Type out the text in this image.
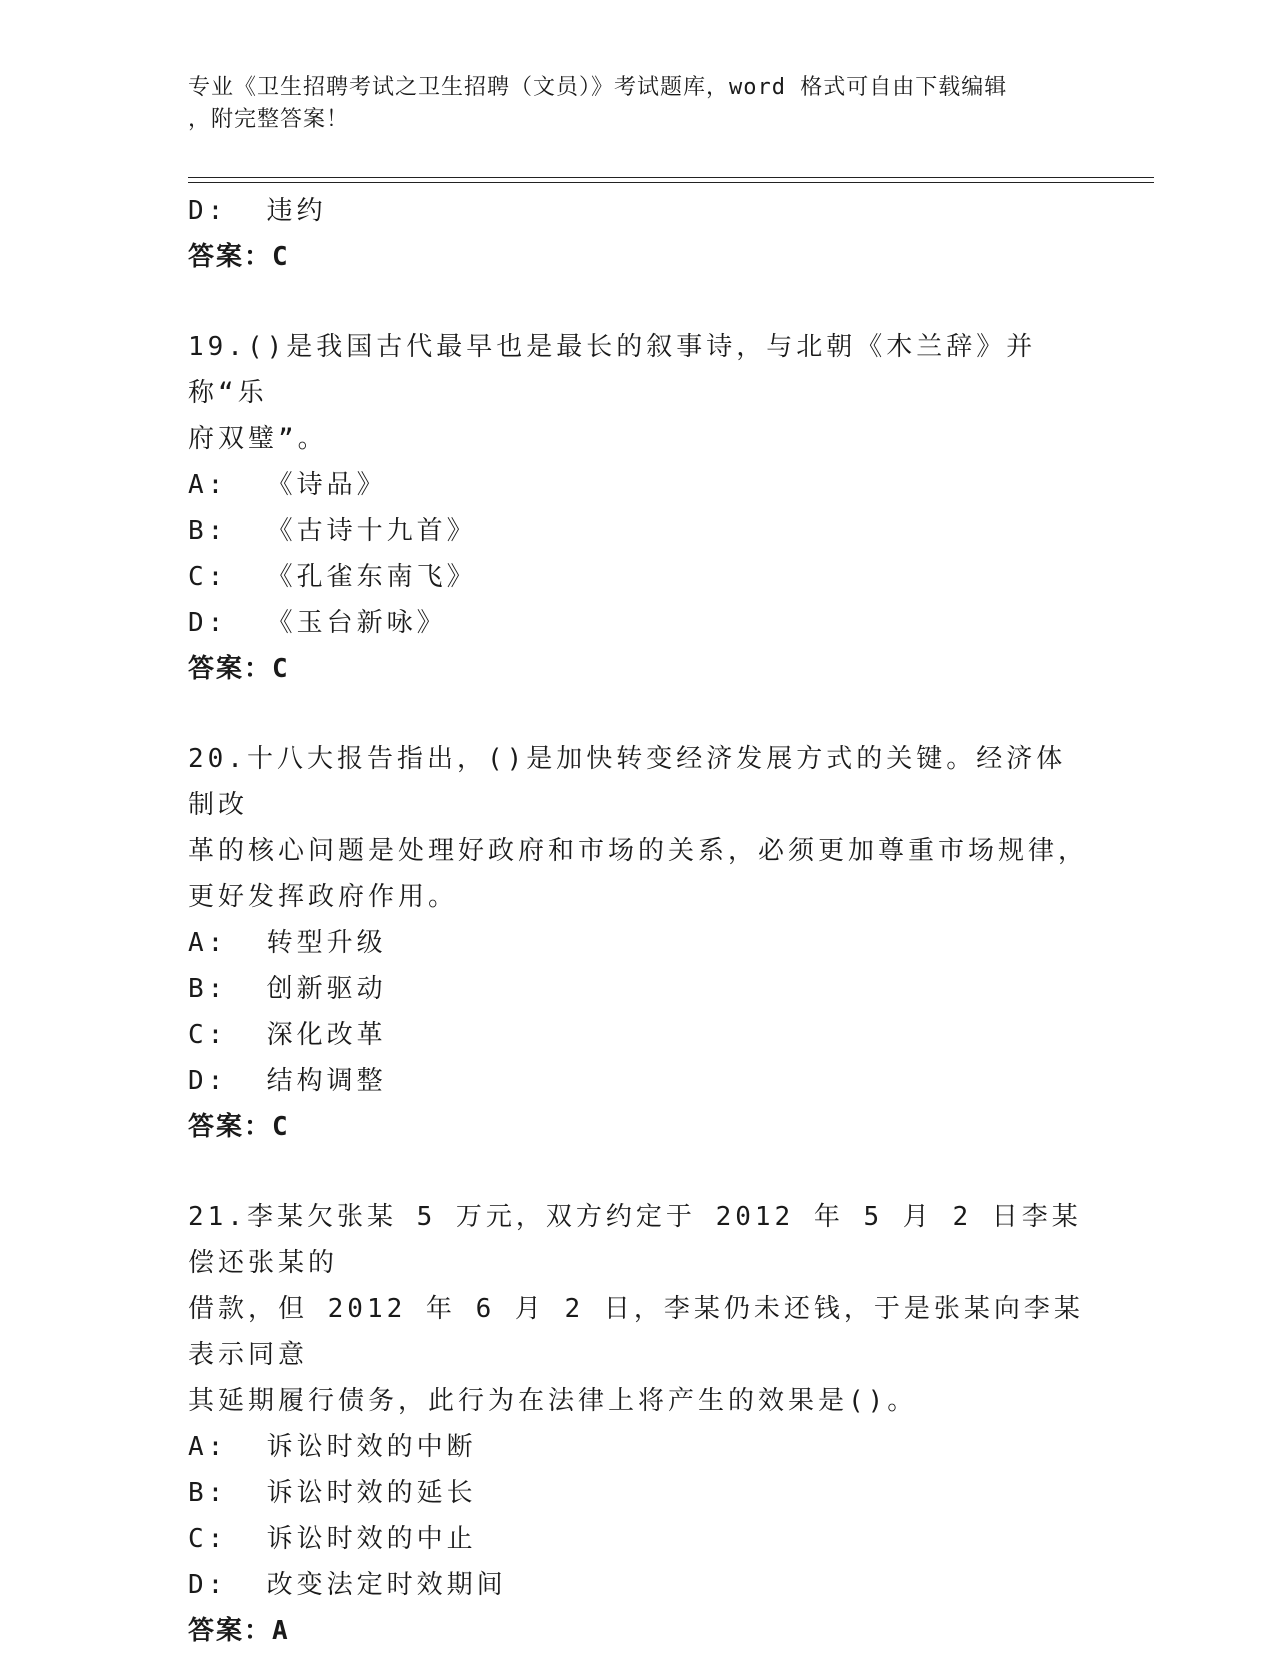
专业《卫生招聘考试之卫生招聘（文员）》考试题库，word 格式可自由下载编辑
，附完整答案！
D:  违约
答案：C
19.()是我国古代最早也是最长的叙事诗，与北朝《木兰辞》并称“乐
府双璧”。
A:  《诗品》
B:  《古诗十九首》
C:  《孔雀东南飞》
D:  《玉台新咏》
答案：C
20.十八大报告指出，()是加快转变经济发展方式的关键。经济体制改
革的核心问题是处理好政府和市场的关系，必须更加尊重市场规律，
更好发挥政府作用。
A:  转型升级
B:  创新驱动
C:  深化改革
D:  结构调整
答案：C
21.李某欠张某 5 万元，双方约定于 2012 年 5 月 2 日李某偿还张某的
借款，但 2012 年 6 月 2 日，李某仍未还钱，于是张某向李某表示同意
其延期履行债务，此行为在法律上将产生的效果是()。
A:  诉讼时效的中断
B:  诉讼时效的延长
C:  诉讼时效的中止
D:  改变法定时效期间
答案：A
